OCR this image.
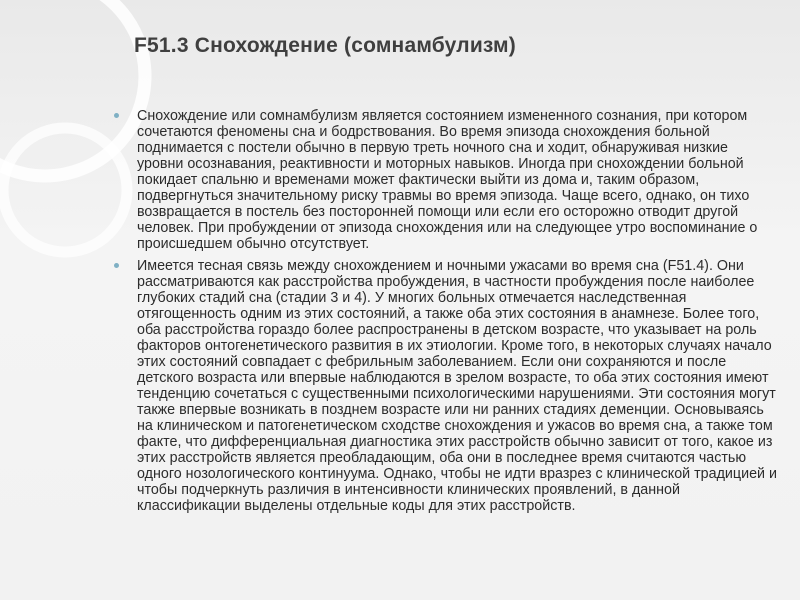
F51.3 Снохождение (сомнамбулизм)
Снохождение или сомнамбулизм является состоянием измененного сознания, при котором сочетаются феномены сна и бодрствования. Во время эпизода снохождения больной поднимается с постели обычно в первую треть ночного сна и ходит, обнаруживая низкие уровни осознавания, реактивности и моторных навыков. Иногда при снохождении больной покидает спальню и временами может фактически выйти из дома и, таким образом, подвергнуться значительному риску травмы во время эпизода. Чаще всего, однако, он тихо возвращается в постель без посторонней помощи или если его осторожно отводит другой человек. При пробуждении от эпизода снохождения или на следующее утро воспоминание о происшедшем обычно отсутствует.
Имеется тесная связь между снохождением и ночными ужасами во время сна (F51.4). Они рассматриваются как расстройства пробуждения, в частности пробуждения после наиболее глубоких стадий сна (стадии 3 и 4). У многих больных отмечается наследственная отягощенность одним из этих состояний, а также оба этих состояния в анамнезе. Более того, оба расстройства гораздо более распространены в детском возрасте, что указывает на роль факторов онтогенетического развития в их этиологии. Кроме того, в некоторых случаях начало этих состояний совпадает с фебрильным заболеванием. Если они сохраняются и после детского возраста или впервые наблюдаются в зрелом возрасте, то оба этих состояния имеют тенденцию сочетаться с существенными психологическими нарушениями. Эти состояния могут также впервые возникать в позднем возрасте или ни ранних стадиях деменции. Основываясь на клиническом и патогенетическом сходстве снохождения и ужасов во время сна, а также том факте, что дифференциальная диагностика этих расстройств обычно зависит от того, какое из этих расстройств является преобладающим, оба они в последнее время считаются частью одного нозологического континуума. Однако, чтобы не идти вразрез с клинической традицией и чтобы подчеркнуть различия в интенсивности клинических проявлений, в данной классификации выделены отдельные коды для этих расстройств.
